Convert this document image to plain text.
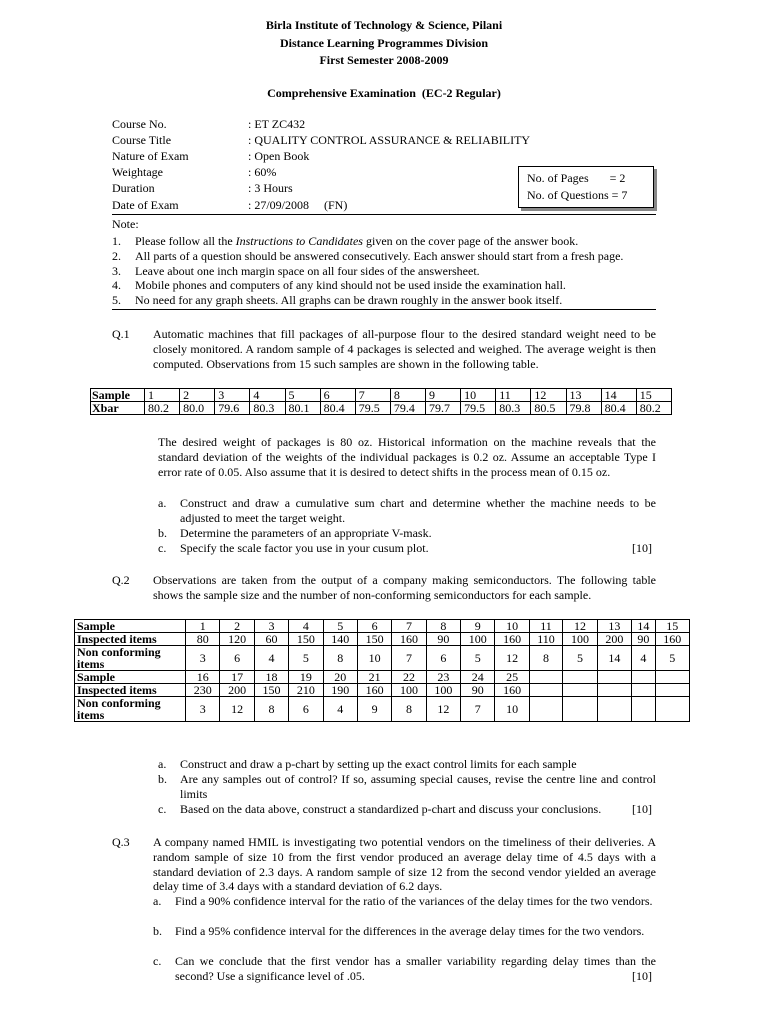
Birla Institute of Technology & Science, Pilani
Distance Learning Programmes Division
First Semester 2008-2009
Comprehensive Examination  (EC-2 Regular)
Course No.	: ET ZC432
Course Title	: QUALITY CONTROL ASSURANCE & RELIABILITY
Nature of Exam	: Open Book
Weightage	: 60%
Duration	: 3 Hours
Date of Exam	: 27/09/2008     (FN)
No. of Pages       = 2
No. of Questions = 7
Note:
1. Please follow all the Instructions to Candidates given on the cover page of the answer book.
2. All parts of a question should be answered consecutively. Each answer should start from a fresh page.
3. Leave about one inch margin space on all four sides of the answersheet.
4. Mobile phones and computers of any kind should not be used inside the examination hall.
5. No need for any graph sheets. All graphs can be drawn roughly in the answer book itself.
Q.1 Automatic machines that fill packages of all-purpose flour to the desired standard weight need to be closely monitored. A random sample of 4 packages is selected and weighed. The average weight is then computed. Observations from 15 such samples are shown in the following table.
Sample	1	2	3	4	5	6	7	8	9	10	11	12	13	14	15
Xbar	80.2	80.0	79.6	80.3	80.1	80.4	79.5	79.4	79.7	79.5	80.3	80.5	79.8	80.4	80.2
The desired weight of packages is 80 oz. Historical information on the machine reveals that the standard deviation of the weights of the individual packages is 0.2 oz. Assume an acceptable Type I error rate of 0.05. Also assume that it is desired to detect shifts in the process mean of 0.15 oz.
a. Construct and draw a cumulative sum chart and determine whether the machine needs to be adjusted to meet the target weight.
b. Determine the parameters of an appropriate V-mask.
c. Specify the scale factor you use in your cusum plot.	[10]
Q.2 Observations are taken from the output of a company making semiconductors. The following table shows the sample size and the number of non-conforming semiconductors for each sample.
Sample	1	2	3	4	5	6	7	8	9	10	11	12	13	14	15
Inspected items	80	120	60	150	140	150	160	90	100	160	110	100	200	90	160
Non conforming items	3	6	4	5	8	10	7	6	5	12	8	5	14	4	5
Sample	16	17	18	19	20	21	22	23	24	25					
Inspected items	230	200	150	210	190	160	100	100	90	160					
Non conforming items	3	12	8	6	4	9	8	12	7	10					
a. Construct and draw a p-chart by setting up the exact control limits for each sample
b. Are any samples out of control? If so, assuming special causes, revise the centre line and control limits
c. Based on the data above, construct a standardized p-chart and discuss your conclusions.	[10]
Q.3 A company named HMIL is investigating two potential vendors on the timeliness of their deliveries. A random sample of size 10 from the first vendor produced an average delay time of 4.5 days with a standard deviation of 2.3 days. A random sample of size 12 from the second vendor yielded an average delay time of 3.4 days with a standard deviation of 6.2 days.
a. Find a 90% confidence interval for the ratio of the variances of the delay times for the two vendors.
b. Find a 95% confidence interval for the differences in the average delay times for the two vendors.
c. Can we conclude that the first vendor has a smaller variability regarding delay times than the second? Use a significance level of .05.	[10]
